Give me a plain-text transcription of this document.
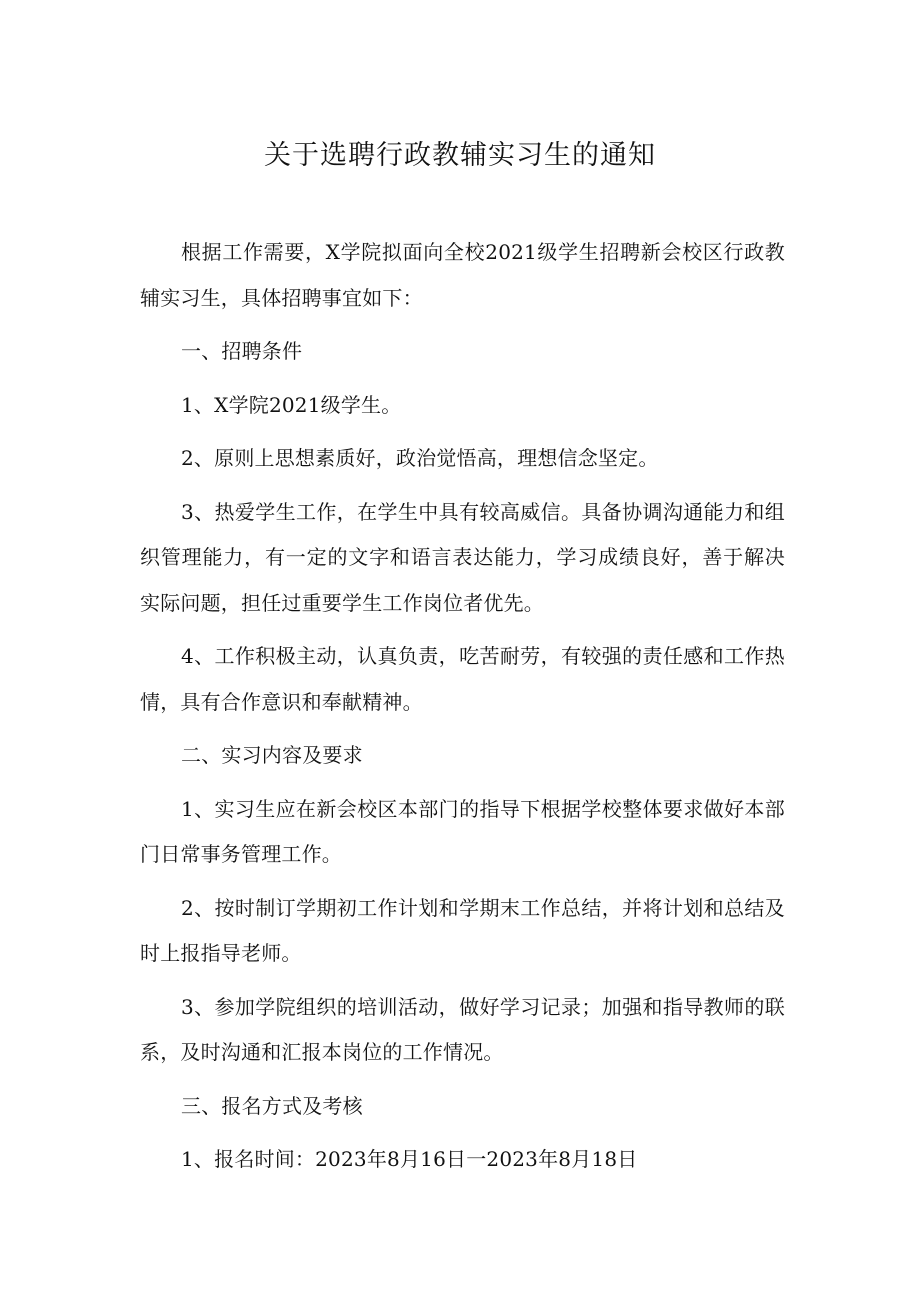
关于选聘行政教辅实习生的通知

根据工作需要，X学院拟面向全校2021级学生招聘新会校区行政教辅实习生，具体招聘事宜如下：

一、招聘条件

1、X学院2021级学生。

2、原则上思想素质好，政治觉悟高，理想信念坚定。

3、热爱学生工作，在学生中具有较高威信。具备协调沟通能力和组织管理能力，有一定的文字和语言表达能力，学习成绩良好，善于解决实际问题，担任过重要学生工作岗位者优先。

4、工作积极主动，认真负责，吃苦耐劳，有较强的责任感和工作热情，具有合作意识和奉献精神。

二、实习内容及要求

1、实习生应在新会校区本部门的指导下根据学校整体要求做好本部门日常事务管理工作。

2、按时制订学期初工作计划和学期末工作总结，并将计划和总结及时上报指导老师。

3、参加学院组织的培训活动，做好学习记录；加强和指导教师的联系，及时沟通和汇报本岗位的工作情况。

三、报名方式及考核

1、报名时间：2023年8月16日一2023年8月18日
